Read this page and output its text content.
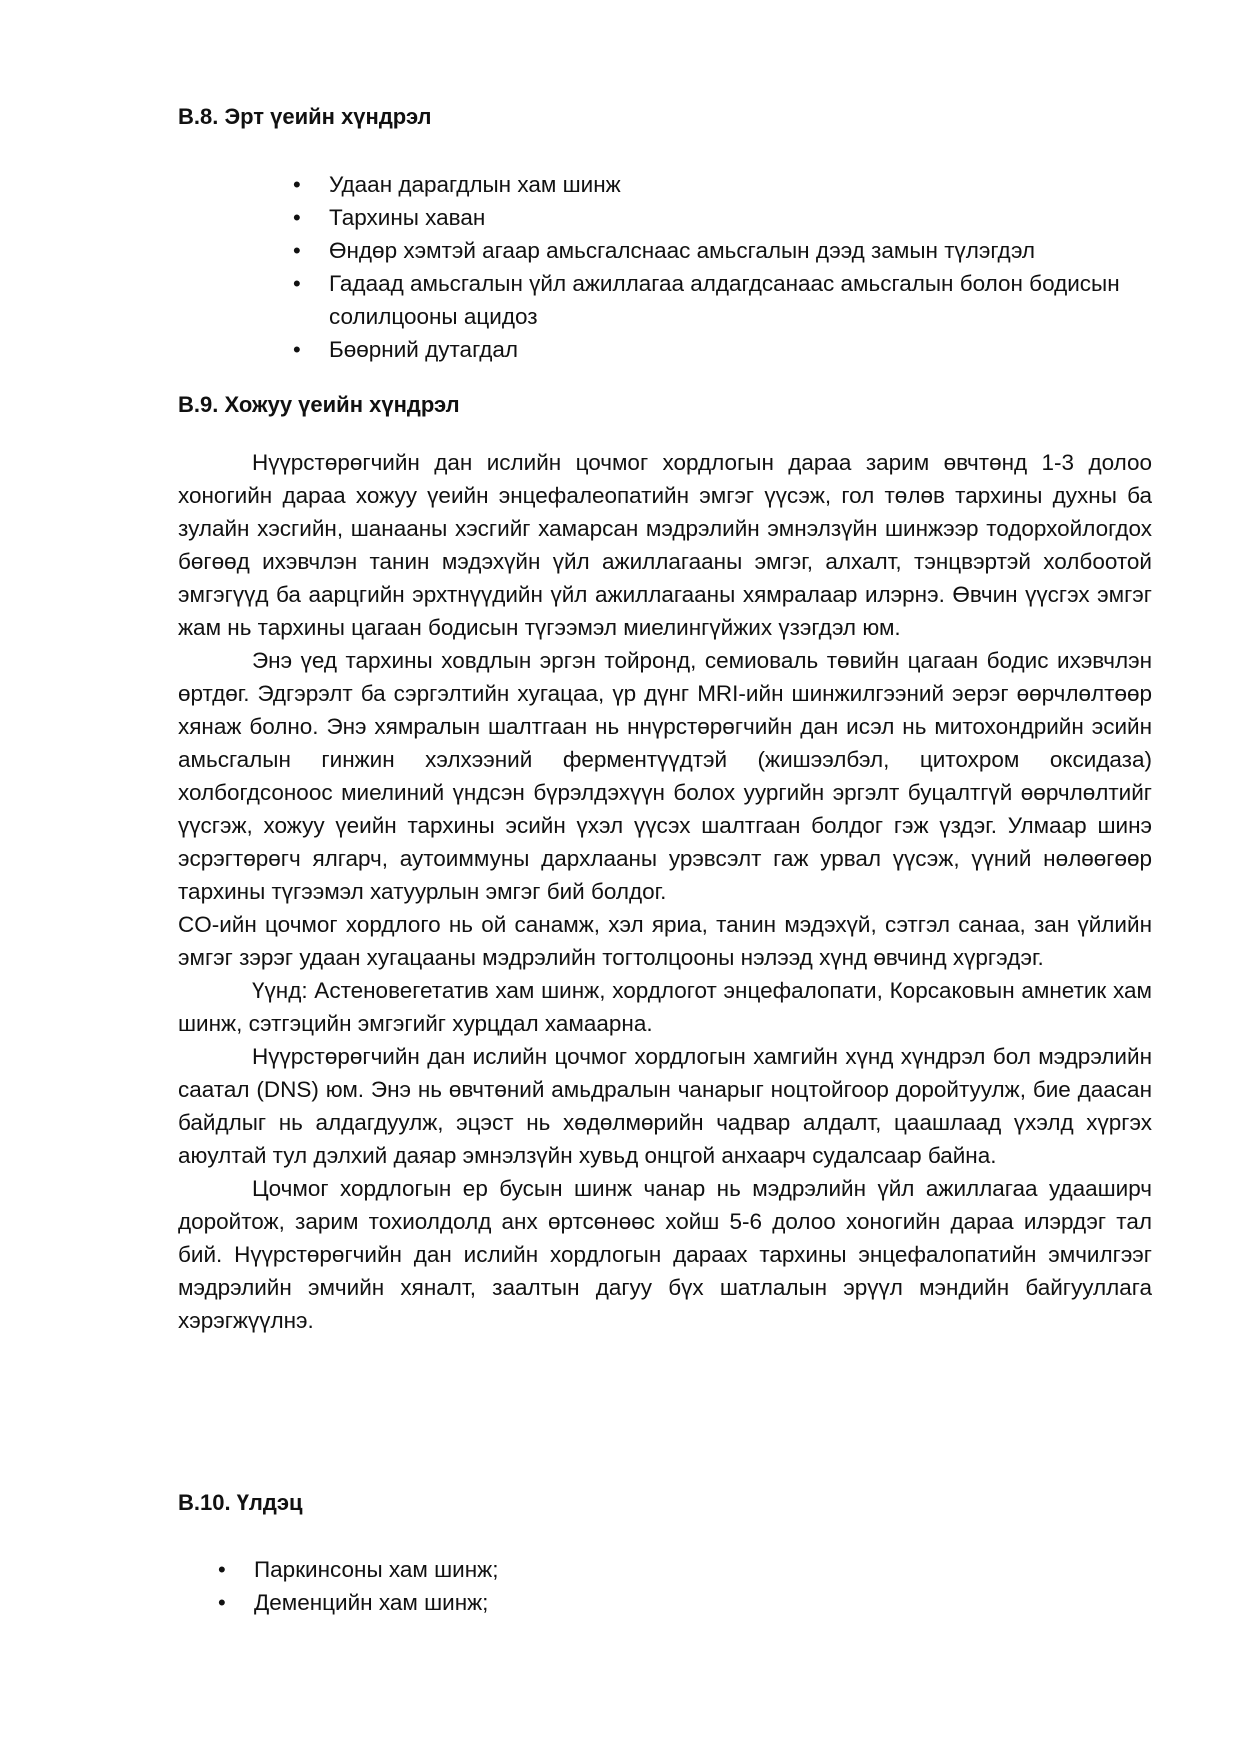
B.8. Эрт үеийн хүндрэл
• Удаан дарагдлын хам шинж
• Тархины хаван
• Өндөр хэмтэй агаар амьсгалснаас амьсгалын дээд замын түлэгдэл
• Гадаад амьсгалын үйл ажиллагаа алдагдсанаас амьсгалын болон бодисын солилцооны ацидоз
• Бөөрний дутагдал
B.9. Хожуу үеийн хүндрэл

Нүүрстөрөгчийн дан ислийн цочмог хордлогын дараа зарим өвчтөнд 1-3 долоо хоногийн дараа хожуу үеийн энцефалеопатийн эмгэг үүсэж, гол төлөв тархины духны ба зулайн хэсгийн, шанааны хэсгийг хамарсан мэдрэлийн эмнэлзүйн шинжээр тодорхойлогдох бөгөөд ихэвчлэн танин мэдэхүйн үйл ажиллагааны эмгэг, алхалт, тэнцвэртэй холбоотой эмгэгүүд ба аарцгийн эрхтнүүдийн үйл ажиллагааны хямралаар илэрнэ. Өвчин үүсгэх эмгэг жам нь тархины цагаан бодисын түгээмэл миелингүйжих үзэгдэл юм.

Энэ үед тархины ховдлын эргэн тойронд, семиоваль төвийн цагаан бодис ихэвчлэн өртдөг. Эдгэрэлт ба сэргэлтийн хугацаа, үр дүнг MRI-ийн шинжилгээний эерэг өөрчлөлтөөр хянаж болно. Энэ хямралын шалтгаан нь ннүрстөрөгчийн дан исэл нь митохондрийн эсийн амьсгалын гинжин хэлхээний ферментүүдтэй (жишээлбэл, цитохром оксидаза) холбогдсоноос миелиний үндсэн бүрэлдэхүүн болох уургийн эргэлт буцалтгүй өөрчлөлтийг үүсгэж, хожуу үеийн тархины эсийн үхэл үүсэх шалтгаан болдог гэж үздэг. Улмаар шинэ эсрэгтөрөгч ялгарч, аутоиммуны дархлааны урэвсэлт гаж урвал үүсэж, үүний нөлөөгөөр тархины түгээмэл хатуурлын эмгэг бий болдог.

CO-ийн цочмог хордлого нь ой санамж, хэл яриа, танин мэдэхүй, сэтгэл санаа, зан үйлийн эмгэг зэрэг удаан хугацааны мэдрэлийн тогтолцооны нэлээд хүнд өвчинд хүргэдэг.

Үүнд: Астеновегетатив хам шинж, хордлогот энцефалопати, Корсаковын амнетик хам шинж, сэтгэцийн эмгэгийг хурцдал хамаарна.

Нүүрстөрөгчийн дан ислийн цочмог хордлогын хамгийн хүнд хүндрэл бол мэдрэлийн саатал (DNS) юм. Энэ нь өвчтөний амьдралын чанарыг ноцтойгоор доройтуулж, бие даасан байдлыг нь алдагдуулж, эцэст нь хөдөлмөрийн чадвар алдалт, цаашлаад үхэлд хүргэх аюултай тул дэлхий даяар эмнэлзүйн хувьд онцгой анхаарч судалсаар байна.

Цочмог хордлогын ер бусын шинж чанар нь мэдрэлийн үйл ажиллагаа удааширч доройтож, зарим тохиолдолд анх өртсөнөөс хойш 5-6 долоо хоногийн дараа илэрдэг тал бий. Нүүрстөрөгчийн дан ислийн хордлогын дараах тархины энцефалопатийн эмчилгээг мэдрэлийн эмчийн хяналт, заалтын дагуу бүх шатлалын эрүүл мэндийн байгууллага хэрэгжүүлнэ.

B.10. Үлдэц
• Паркинсоны хам шинж;
• Деменцийн хам шинж;
